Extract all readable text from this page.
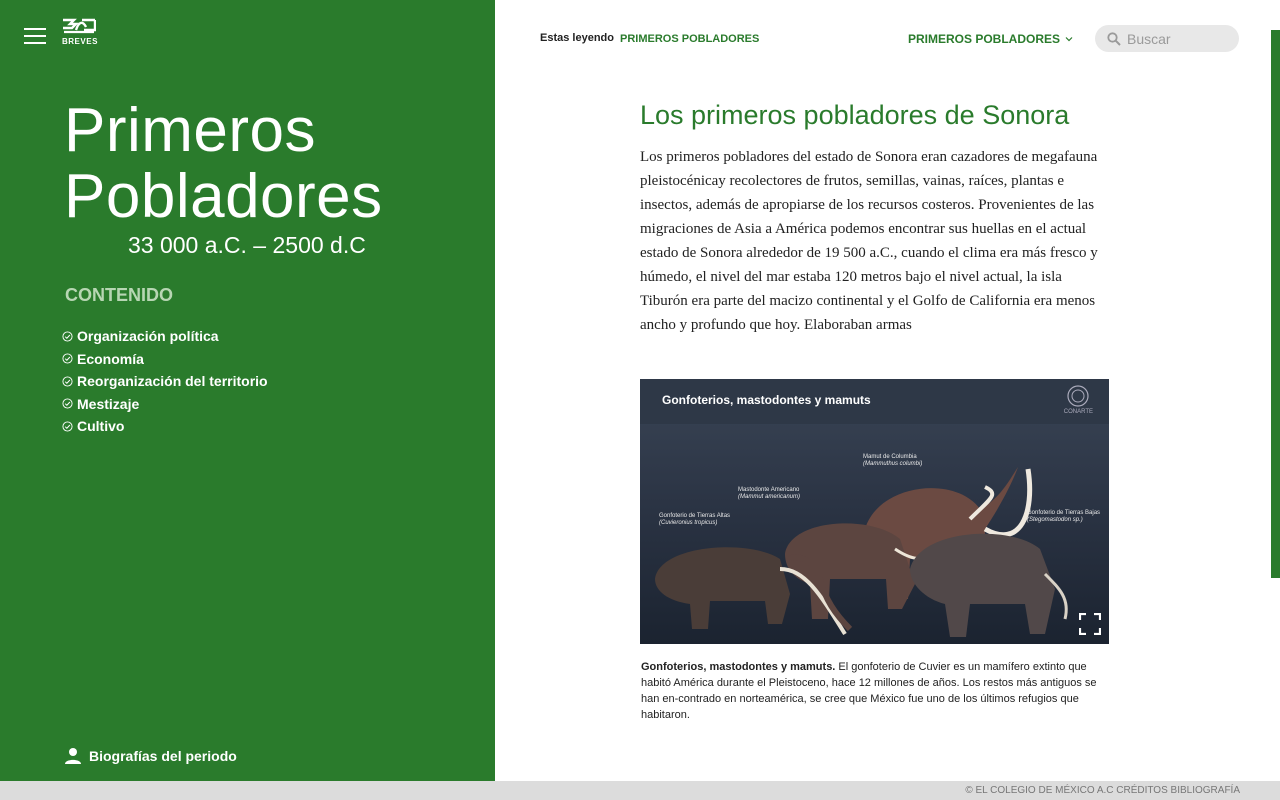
BREVES
Primeros
Pobladores
33 000 a.C. – 2500 d.C
CONTENIDO
Organización política
Economía
Reorganización del territorio
Mestizaje
Cultivo
Biografías del periodo
Estas leyendo PRIMEROS POBLADORES	PRIMEROS POBLADORES
Buscar
Los primeros pobladores de Sonora

Los primeros pobladores del estado de Sonora eran cazadores de megafauna pleistocénicay recolectores de frutos, semillas, vainas, raíces, plantas e insectos, además de apropiarse de los recursos costeros. Provenientes de las migraciones de Asia a América podemos encontrar sus huellas en el actual estado de Sonora alrededor de 19 500 a.C., cuando el clima era más fresco y húmedo, el nivel del mar estaba 120 metros bajo el nivel actual, la isla Tiburón era parte del macizo continental y el Golfo de California era menos ancho y profundo que hoy. Elaboraban armas

Gonfoterios, mastodontes y mamuts
CONARTE
Mamut de Columbia
(Mammuthus columbi)
Mastodonte Americano
(Mammut americanum)
Gonfoterio de Tierras Altas
(Cuvieronius tropicus)
Gonfoterio de Tierras Bajas
(Stegomastodon sp.)

Gonfoterios, mastodontes y mamuts. El gonfoterio de Cuvier es un mamífero extinto que habitó América durante el Pleistoceno, hace 12 millones de años. Los restos más antiguos se han en-contrado en norteamérica, se cree que México fue uno de los últimos refugios que habitaron.

© EL COLEGIO DE MÉXICO A.C CRÉDITOS BIBLIOGRAFÍA
